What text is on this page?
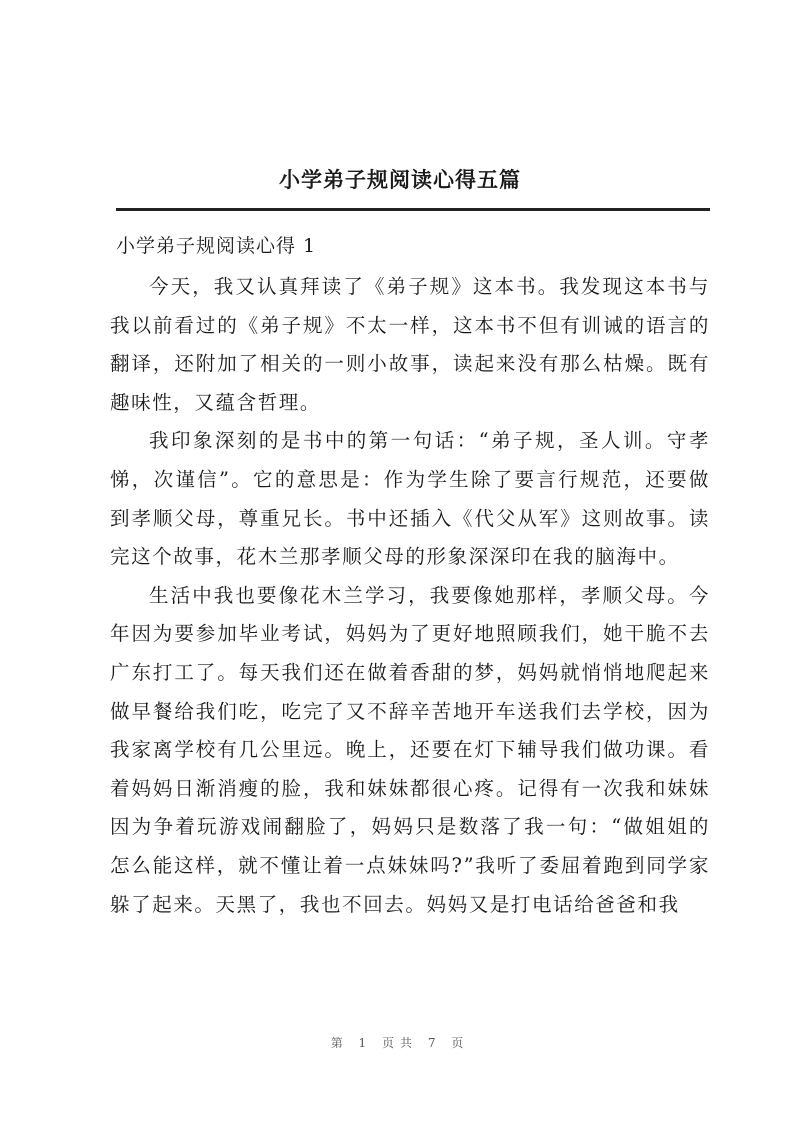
小学弟子规阅读心得五篇
小学弟子规阅读心得 1

今天，我又认真拜读了《弟子规》这本书。我发现这本书与我以前看过的《弟子规》不太一样，这本书不但有训诫的语言的翻译，还附加了相关的一则小故事，读起来没有那么枯燥。既有趣味性，又蕴含哲理。

我印象深刻的是书中的第一句话：“弟子规，圣人训。守孝悌，次谨信”。它的意思是：作为学生除了要言行规范，还要做到孝顺父母，尊重兄长。书中还插入《代父从军》这则故事。读完这个故事，花木兰那孝顺父母的形象深深印在我的脑海中。

生活中我也要像花木兰学习，我要像她那样，孝顺父母。今年因为要参加毕业考试，妈妈为了更好地照顾我们，她干脆不去广东打工了。每天我们还在做着香甜的梦，妈妈就悄悄地爬起来做早餐给我们吃，吃完了又不辞辛苦地开车送我们去学校，因为我家离学校有几公里远。晚上，还要在灯下辅导我们做功课。看着妈妈日渐消瘦的脸，我和妹妹都很心疼。记得有一次我和妹妹因为争着玩游戏闹翻脸了，妈妈只是数落了我一句：“做姐姐的怎么能这样，就不懂让着一点妹妹吗?”我听了委屈着跑到同学家躲了起来。天黑了，我也不回去。妈妈又是打电话给爸爸和我

第 1 页共 7 页
